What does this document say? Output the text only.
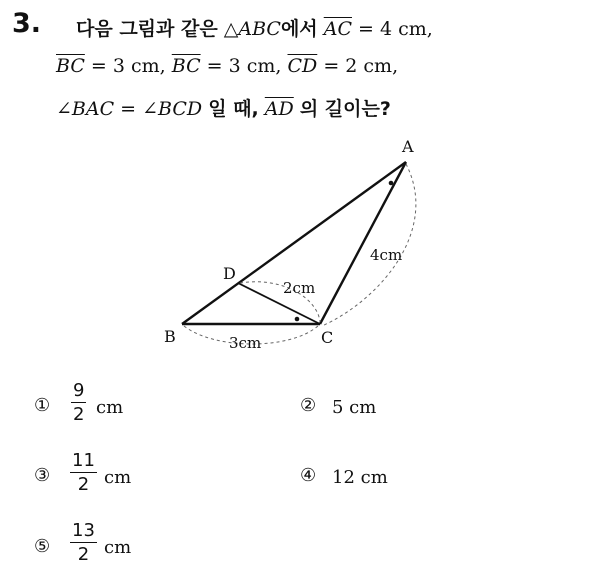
3. 다음 그림과 같은 △ABC에서 $\overline{AC} = 4$ cm,
$\overline{BC} = 3$ cm, $\overline{BC} = 3$ cm, $\overline{CD} = 2$ cm,
∠BAC = ∠BCD 일 때, $\overline{AD}$ 의 길이는?
A
B	C
D
4cm
2cm
3cm
①
9
2 cm	② 5 cm
③
11
2 cm	④ 12 cm
⑤
13
2 cm
